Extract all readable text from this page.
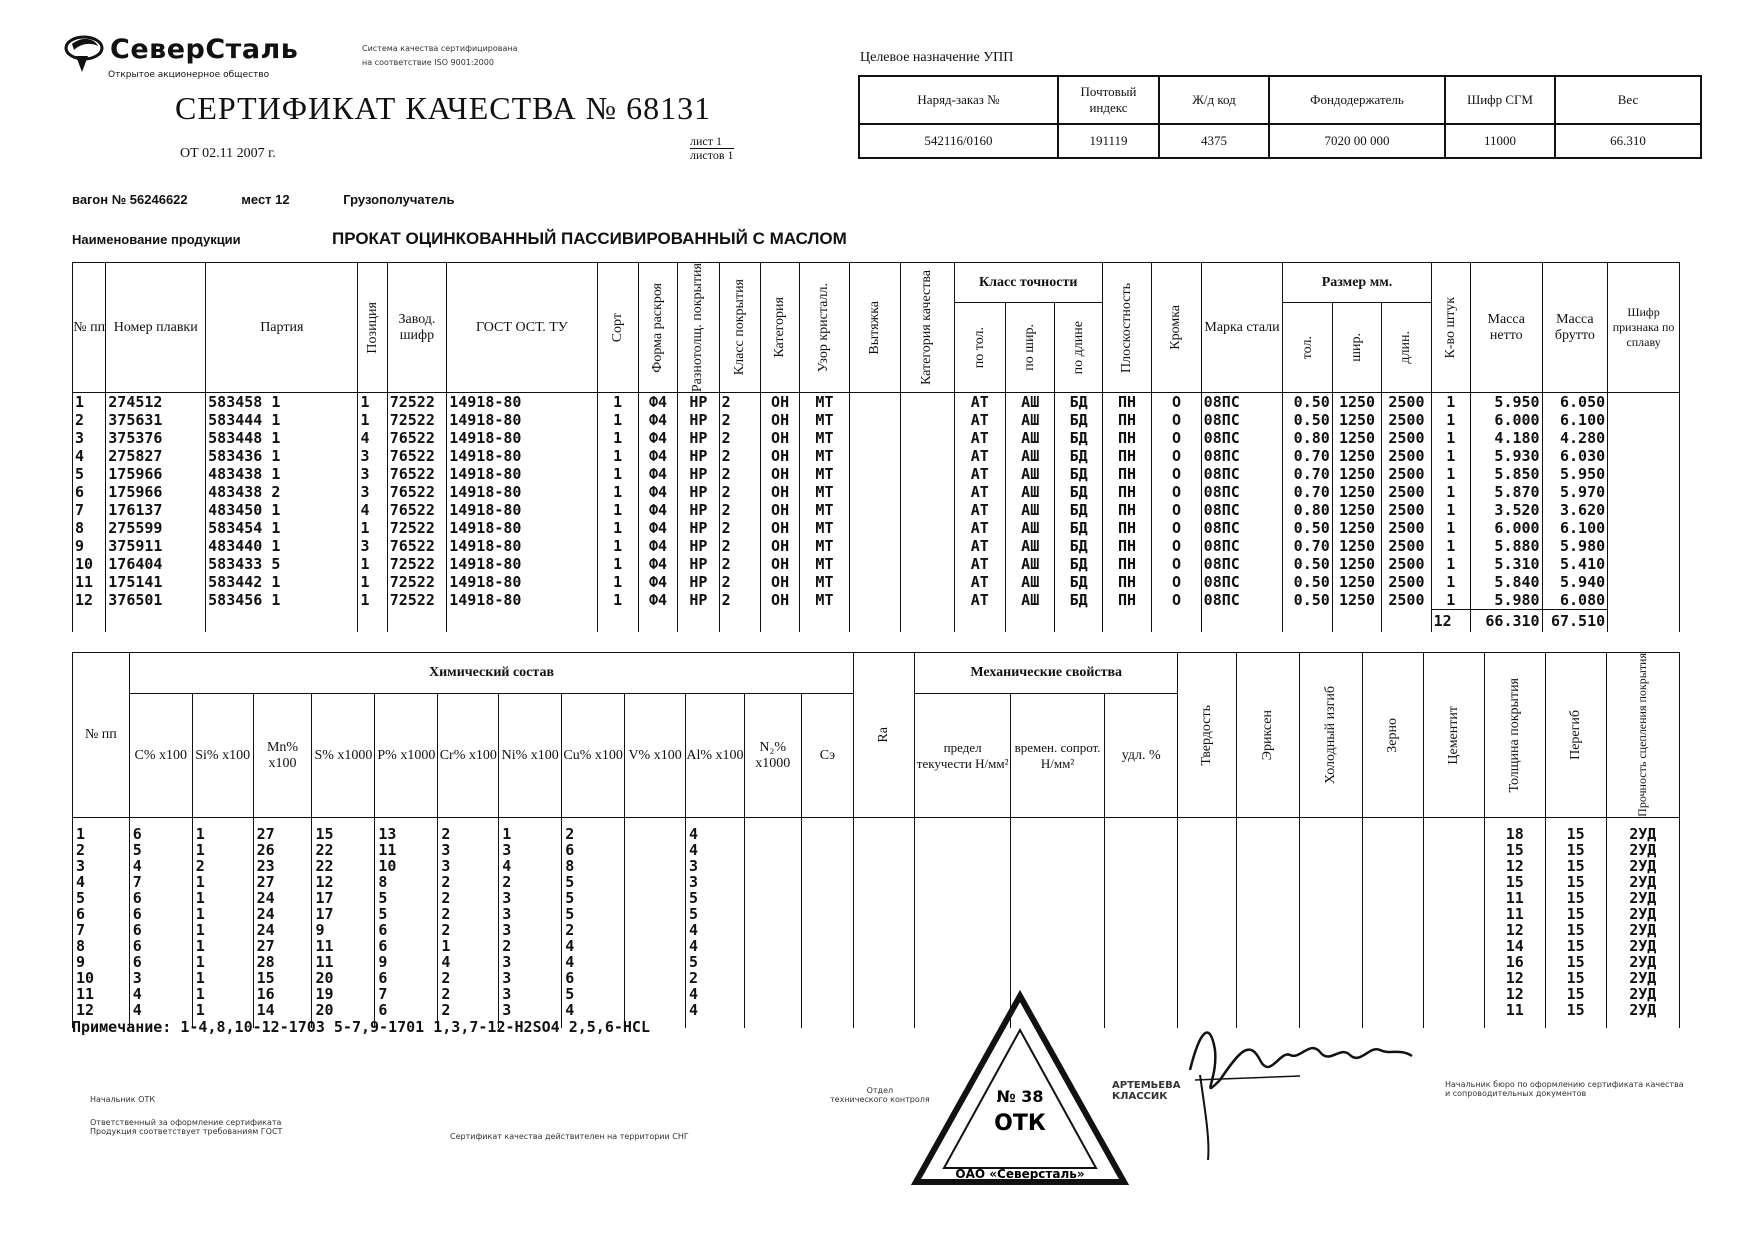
СеверСталь
Открытое акционерное общество
Система качества сертифицирована
на соответствие ISO 9001:2000
СЕРТИФИКАТ КАЧЕСТВА № 68131
ОТ 02.11 2007 г.
лист 1
листов 1
Целевое назначение УПП
Наряд-заказ №	Почтовый индекс	Ж/д код	Фондодержатель	Шифр СГМ	Вес
542116/0160	191119	4375	7020 00 000	11000	66.310
вагон № 56246622	мест 12	Грузополучатель
Наименование продукции	ПРОКАТ ОЦИНКОВАННЫЙ ПАССИВИРОВАННЫЙ С МАСЛОМ
№ пп	Номер плавки	Партия	Позиция	Завод. шифр	ГОСТ ОСТ. ТУ	Сорт	Форма раскроя	Разнотолщ. покрытия	Класс покрытия	Категория	Узор кристалл.	Вытяжка	Категория качества	Класс точности			Плоскостность	Кромка	Марка стали	Размер мм.			К-во штук	Масса нетто	Масса брутто	Шифр признака по сплаву

														по тол.	по шир.	по длине				тол.	шир.	длин.				

1	274512	583458 1	1	72522	14918-80	1	Ф4	НР	2	ОН	МТ			АТ	АШ	БД	ПН	О	08ПС	0.50	1250	2500	1	5.950	6.050	
2	375631	583444 1	1	72522	14918-80	1	Ф4	НР	2	ОН	МТ			АТ	АШ	БД	ПН	О	08ПС	0.50	1250	2500	1	6.000	6.100	
3	375376	583448 1	4	76522	14918-80	1	Ф4	НР	2	ОН	МТ			АТ	АШ	БД	ПН	О	08ПС	0.80	1250	2500	1	4.180	4.280	
4	275827	583436 1	3	76522	14918-80	1	Ф4	НР	2	ОН	МТ			АТ	АШ	БД	ПН	О	08ПС	0.70	1250	2500	1	5.930	6.030	
5	175966	483438 1	3	76522	14918-80	1	Ф4	НР	2	ОН	МТ			АТ	АШ	БД	ПН	О	08ПС	0.70	1250	2500	1	5.850	5.950	
6	175966	483438 2	3	76522	14918-80	1	Ф4	НР	2	ОН	МТ			АТ	АШ	БД	ПН	О	08ПС	0.70	1250	2500	1	5.870	5.970	
7	176137	483450 1	4	76522	14918-80	1	Ф4	НР	2	ОН	МТ			АТ	АШ	БД	ПН	О	08ПС	0.80	1250	2500	1	3.520	3.620	
8	275599	583454 1	1	72522	14918-80	1	Ф4	НР	2	ОН	МТ			АТ	АШ	БД	ПН	О	08ПС	0.50	1250	2500	1	6.000	6.100	
9	375911	483440 1	3	76522	14918-80	1	Ф4	НР	2	ОН	МТ			АТ	АШ	БД	ПН	О	08ПС	0.70	1250	2500	1	5.880	5.980	
10	176404	583433 5	1	72522	14918-80	1	Ф4	НР	2	ОН	МТ			АТ	АШ	БД	ПН	О	08ПС	0.50	1250	2500	1	5.310	5.410	
11	175141	583442 1	1	72522	14918-80	1	Ф4	НР	2	ОН	МТ			АТ	АШ	БД	ПН	О	08ПС	0.50	1250	2500	1	5.840	5.940	
12	376501	583456 1	1	72522	14918-80	1	Ф4	НР	2	ОН	МТ			АТ	АШ	БД	ПН	О	08ПС	0.50	1250	2500	1	5.980	6.080	
																							12	66.310	67.510	
№ пп	Химический состав												Ra	Механические свойства			Твердость	Эриксен	Холодный изгиб	Зерно	Цементит	Толщина покрытия	Перегиб	Прочность сцепления покрытия

	C% x100	Si% x100	Mn% x100	S% x1000	P% x1000	Cr% x100	Ni% x100	Cu% x100	V% x100	Al% x100	N₂% x1000	Cэ		предел текучести Н/мм²	времен. сопрот. Н/мм²	удл. %								

1	6	1	27	15	13	2	1	2		4												18	15	2УД
2	5	1	26	22	11	3	3	6		4												15	15	2УД
3	4	2	23	22	10	3	4	8		3												12	15	2УД
4	7	1	27	12	8	2	2	5		3												15	15	2УД
5	6	1	24	17	5	2	3	5		5												11	15	2УД
6	6	1	24	17	5	2	3	5		5												11	15	2УД
7	6	1	24	9	6	2	3	2		4												12	15	2УД
8	6	1	27	11	6	1	2	4		4												14	15	2УД
9	6	1	28	11	9	4	3	4		5												16	15	2УД
10	3	1	15	20	6	2	3	6		2												12	15	2УД
11	4	1	16	19	7	2	3	5		4												12	15	2УД
12	4	1	14	20	6	2	3	4		4												11	15	2УД

Примечание: 1-4,8,10-12-1703 5-7,9-1701 1,3,7-12-H2SO4 2,5,6-HCL
Начальник ОТК
Ответственный за оформление сертификата
Продукция соответствует требованиям ГОСТ
Отдел
технического контроля
Сертификат качества действителен на территории СНГ
АРТЕМЬЕВА
КЛАССИК
Начальник бюро по оформлению сертификата качества
и сопроводительных документов
ОТК
№ 38
ОАО «Северсталь»
